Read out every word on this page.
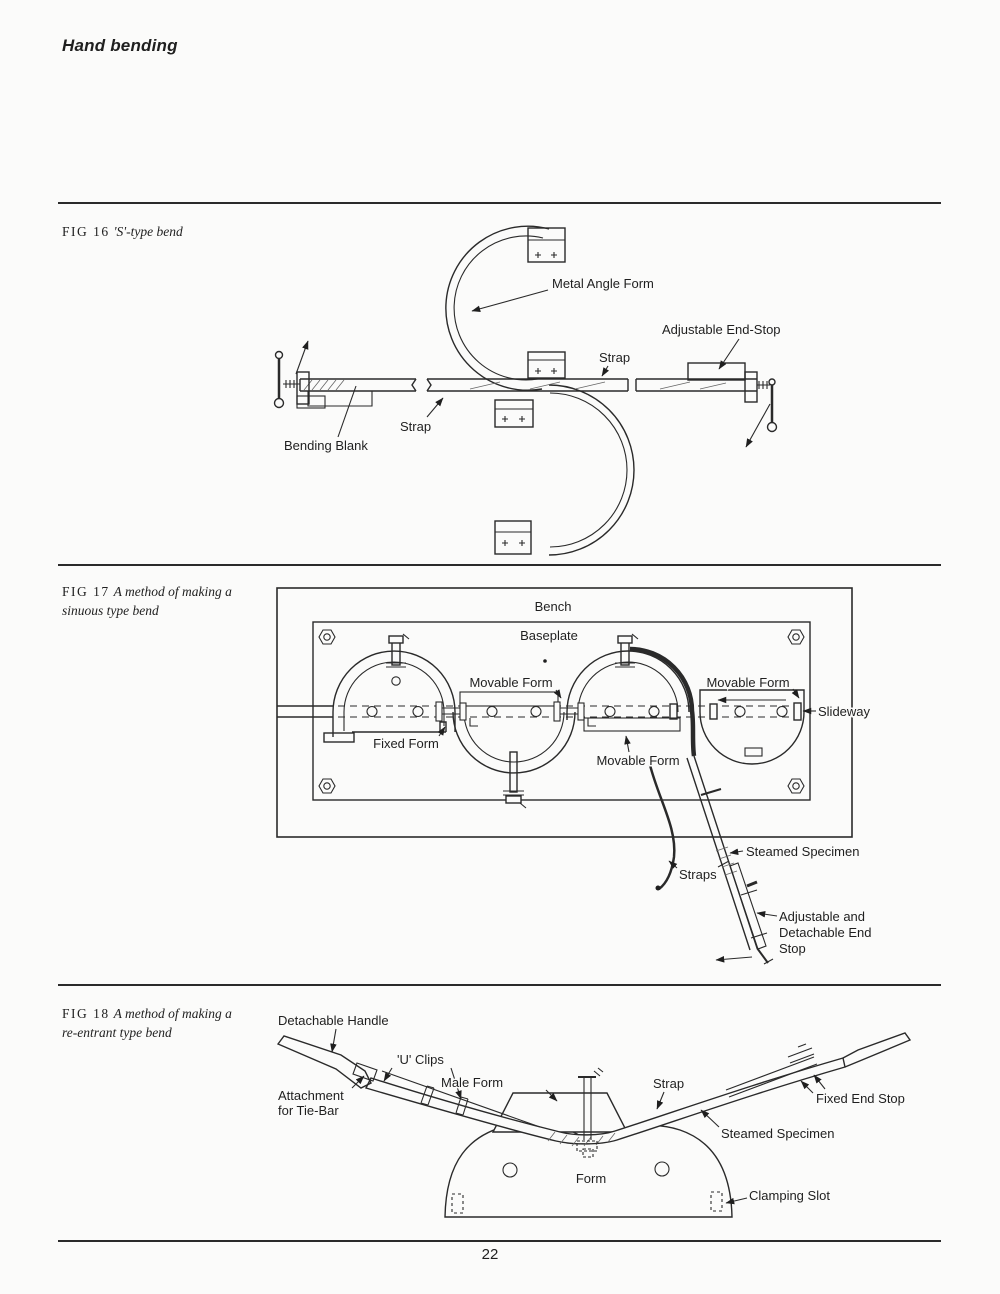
Hand bending
FIG 16 'S'-type bend
Metal Angle Form
Adjustable End-Stop
Strap
Strap
Bending Blank
FIG 17 A method of making a
sinuous type bend	Bench
Baseplate
Movable Form	Movable Form
Fixed Form
Movable Form
Slideway
Steamed Specimen
Straps
Adjustable and
Detachable End
Stop
FIG 18 A method of making a
re-entrant type bend
Detachable Handle
'U' Clips
Attachment
for Tie-Bar
Male Form	Strap
Fixed End Stop
Steamed Specimen
Form
Clamping Slot
22
